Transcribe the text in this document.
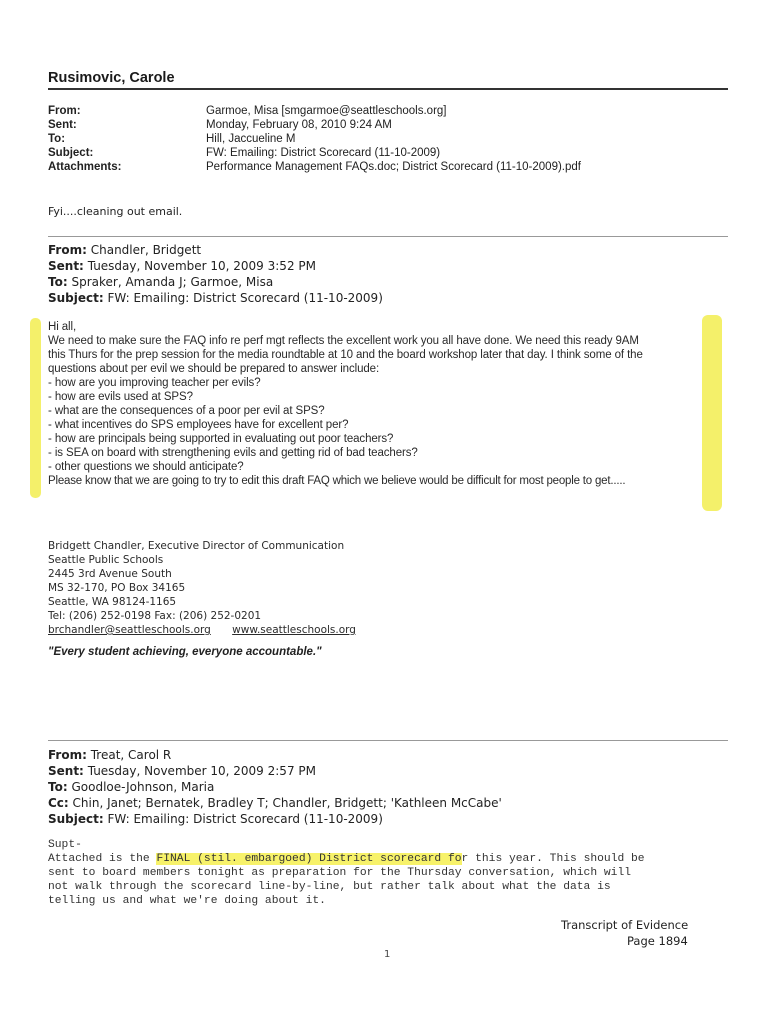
Rusimovic, Carole
From:	Garmoe, Misa [smgarmoe@seattleschools.org]
Sent:	Monday, February 08, 2010 9:24 AM
To:	Hill, Jaccueline M
Subject:	FW: Emailing: District Scorecard (11-10-2009)
Attachments:	Performance Management FAQs.doc; District Scorecard (11-10-2009).pdf
Fyi....cleaning out email.
From: Chandler, Bridgett
Sent: Tuesday, November 10, 2009 3:52 PM
To: Spraker, Amanda J; Garmoe, Misa
Subject: FW: Emailing: District Scorecard (11-10-2009)
Hi all,
We need to make sure the FAQ info re perf mgt reflects the excellent work you all have done. We need this ready 9AM
this Thurs for the prep session for the media roundtable at 10 and the board workshop later that day. I think some of the
questions about per evil we should be prepared to answer include:
- how are you improving teacher per evils?
- how are evils used at SPS?
- what are the consequences of a poor per evil at SPS?
- what incentives do SPS employees have for excellent per?
- how are principals being supported in evaluating out poor teachers?
- is SEA on board with strengthening evils and getting rid of bad teachers?
- other questions we should anticipate?
Please know that we are going to try to edit this draft FAQ which we believe would be difficult for most people to get.....
Bridgett Chandler, Executive Director of Communication
Seattle Public Schools
2445 3rd Avenue South
MS 32-170, PO Box 34165
Seattle, WA 98124-1165
Tel: (206) 252-0198 Fax: (206) 252-0201
brchandler@seattleschools.org www.seattleschools.org
"Every student achieving, everyone accountable."
From: Treat, Carol R
Sent: Tuesday, November 10, 2009 2:57 PM
To: Goodloe-Johnson, Maria
Cc: Chin, Janet; Bernatek, Bradley T; Chandler, Bridgett; 'Kathleen McCabe'
Subject: FW: Emailing: District Scorecard (11-10-2009)
Supt-
Attached is the FINAL (stil. embargoed) District scorecard for this year. This should be
sent to board members tonight as preparation for the Thursday conversation, which will
not walk through the scorecard line-by-line, but rather talk about what the data is
telling us and what we're doing about it.
Transcript of Evidence
Page 1894
1
